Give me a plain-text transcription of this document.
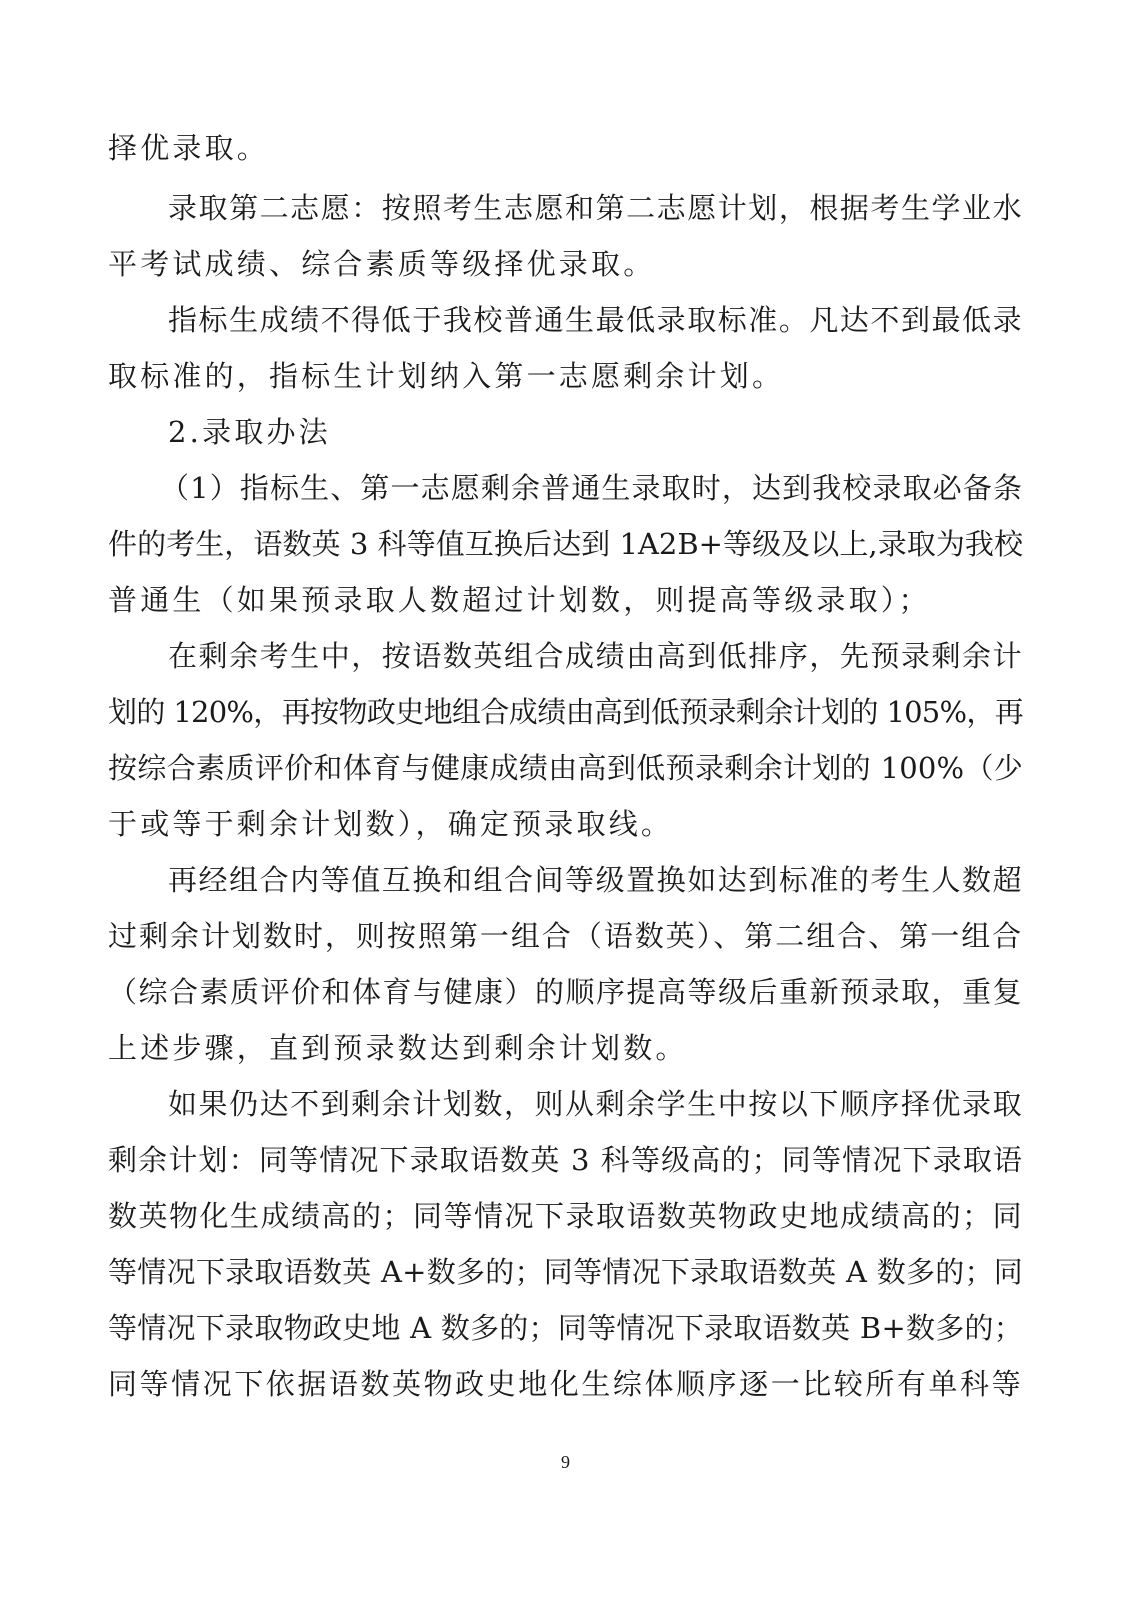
择优录取。
录取第二志愿：按照考生志愿和第二志愿计划，根据考生学业水
平考试成绩、综合素质等级择优录取。
指标生成绩不得低于我校普通生最低录取标准。凡达不到最低录
取标准的，指标生计划纳入第一志愿剩余计划。
2.录取办法
（1）指标生、第一志愿剩余普通生录取时，达到我校录取必备条
件的考生，语数英 3 科等值互换后达到 1A2B+等级及以上,录取为我校
普通生（如果预录取人数超过计划数，则提高等级录取）；
在剩余考生中，按语数英组合成绩由高到低排序，先预录剩余计
划的 120%，再按物政史地组合成绩由高到低预录剩余计划的 105%，再
按综合素质评价和体育与健康成绩由高到低预录剩余计划的 100%（少
于或等于剩余计划数），确定预录取线。
再经组合内等值互换和组合间等级置换如达到标准的考生人数超
过剩余计划数时，则按照第一组合（语数英）、第二组合、第一组合
（综合素质评价和体育与健康）的顺序提高等级后重新预录取，重复
上述步骤，直到预录数达到剩余计划数。
如果仍达不到剩余计划数，则从剩余学生中按以下顺序择优录取
剩余计划：同等情况下录取语数英 3 科等级高的；同等情况下录取语
数英物化生成绩高的；同等情况下录取语数英物政史地成绩高的；同
等情况下录取语数英 A+数多的；同等情况下录取语数英 A 数多的；同
等情况下录取物政史地 A 数多的；同等情况下录取语数英 B+数多的；
同等情况下依据语数英物政史地化生综体顺序逐一比较所有单科等
9
